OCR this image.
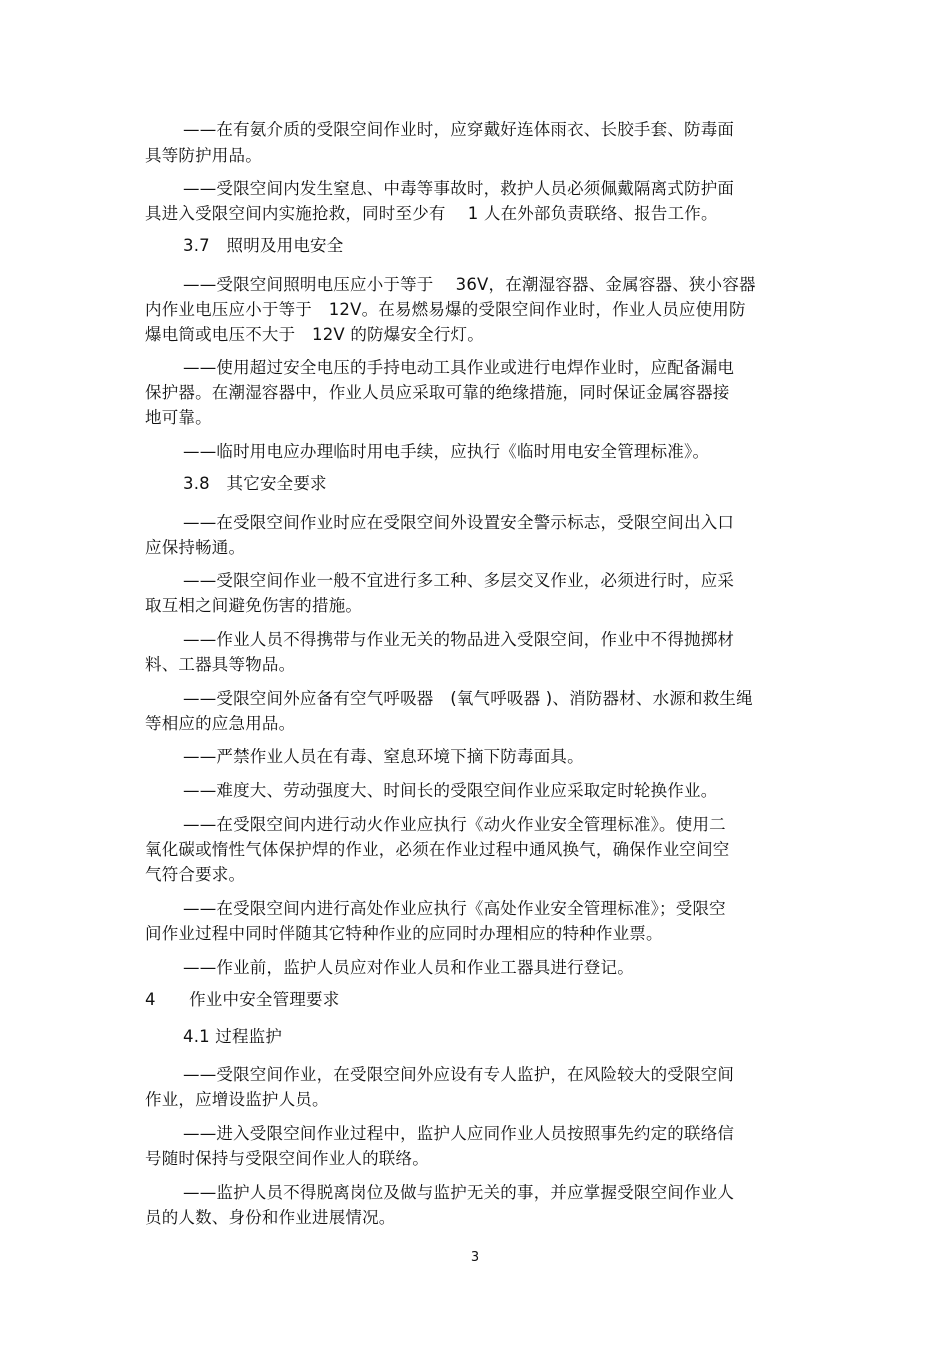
——在有氨介质的受限空间作业时，应穿戴好连体雨衣、长胶手套、防毒面
具等防护用品。
——受限空间内发生窒息、中毒等事故时，救护人员必须佩戴隔离式防护面
具进入受限空间内实施抢救，同时至少有　 1 人在外部负责联络、报告工作。
3.7　照明及用电安全
——受限空间照明电压应小于等于　 36V，在潮湿容器、金属容器、狭小容器
内作业电压应小于等于　12V。在易燃易爆的受限空间作业时，作业人员应使用防
爆电筒或电压不大于　12V 的防爆安全行灯。
——使用超过安全电压的手持电动工具作业或进行电焊作业时，应配备漏电
保护器。在潮湿容器中，作业人员应采取可靠的绝缘措施，同时保证金属容器接
地可靠。
——临时用电应办理临时用电手续，应执行《临时用电安全管理标准》。
3.8　其它安全要求
——在受限空间作业时应在受限空间外设置安全警示标志，受限空间出入口
应保持畅通。
——受限空间作业一般不宜进行多工种、多层交叉作业，必须进行时，应采
取互相之间避免伤害的措施。
——作业人员不得携带与作业无关的物品进入受限空间，作业中不得抛掷材
料、工器具等物品。
——受限空间外应备有空气呼吸器　(氧气呼吸器 )、消防器材、水源和救生绳
等相应的应急用品。
——严禁作业人员在有毒、窒息环境下摘下防毒面具。
——难度大、劳动强度大、时间长的受限空间作业应采取定时轮换作业。
——在受限空间内进行动火作业应执行《动火作业安全管理标准》。使用二
氧化碳或惰性气体保护焊的作业，必须在作业过程中通风换气，确保作业空间空
气符合要求。
——在受限空间内进行高处作业应执行《高处作业安全管理标准》；受限空
间作业过程中同时伴随其它特种作业的应同时办理相应的特种作业票。
——作业前，监护人员应对作业人员和作业工器具进行登记。
4　　作业中安全管理要求
4.1 过程监护
——受限空间作业，在受限空间外应设有专人监护，在风险较大的受限空间
作业，应增设监护人员。
——进入受限空间作业过程中，监护人应同作业人员按照事先约定的联络信
号随时保持与受限空间作业人的联络。
——监护人员不得脱离岗位及做与监护无关的事，并应掌握受限空间作业人
员的人数、身份和作业进展情况。
3
